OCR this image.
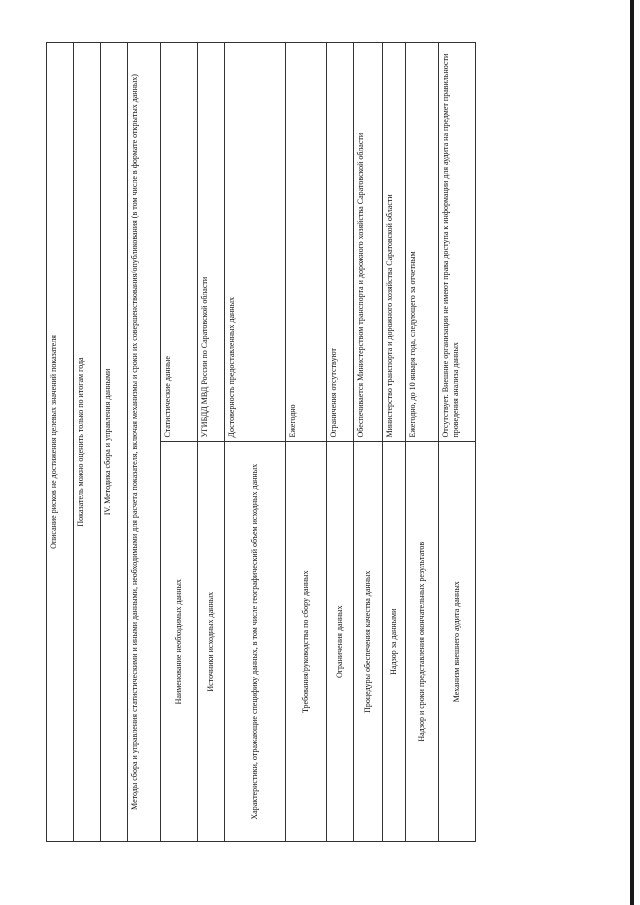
Описание рисков не достижения целевых значений показателя	
Показатель можно оценить только по итогам года	
IV. Методика сбора и управления данными	
Методы сбора и управления статистическими и иными данными, необходимыми для расчета показателя, включая механизмы и сроки их совершенствования/опубликования (в том числе в формате открытых данных)	
Наименование необходимых данных	Статистические данные
Источники исходных данных	УГИБДД МВД России по Саратовской области
Характеристики, отражающие специфику данных, в том числе географический объем исходных данных	Достоверность предоставленных данных
Требования/руководства по сбору данных	Ежегодно
Ограничения данных	Ограничения отсутствуют
Процедуры обеспечения качества данных	Обеспечивается Министерством транспорта и дорожного хозяйства Саратовской области
Надзор за данными	Министерство транспорта и дорожного хозяйства Саратовской области
Надзор и сроки представления окончательных результатов	Ежегодно, до 10 января года, следующего за отчетным
Механизм внешнего аудита данных	Отсутствует. Внешние организации не имеют права доступа к информации для аудита на предмет правильности проведения анализа данных
